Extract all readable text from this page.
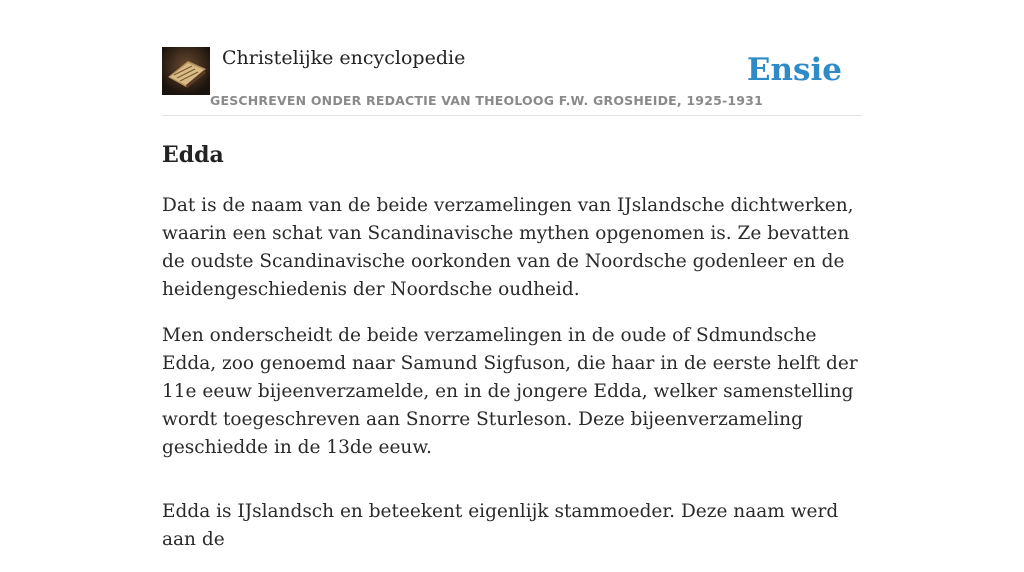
Christelijke encyclopedie
GESCHREVEN ONDER REDACTIE VAN THEOLOOG F.W. GROSHEIDE, 1925-1931
Ensie
Edda

Dat is de naam van de beide verzamelingen van IJslandsche dichtwerken, waarin een schat van Scandinavische mythen opgenomen is. Ze bevatten de oudste Scandinavische oorkonden van de Noordsche godenleer en de heidengeschiedenis der Noordsche oudheid.

Men onderscheidt de beide verzamelingen in de oude of Sdmundsche Edda, zoo genoemd naar Samund Sigfuson, die haar in de eerste helft der 11e eeuw bijeenverzamelde, en in de jongere Edda, welker samenstelling wordt toegeschreven aan Snorre Sturleson. Deze bijeenverzameling geschiedde in de 13de eeuw.

Edda is IJslandsch en beteekent eigenlijk stammoeder. Deze naam werd aan de
